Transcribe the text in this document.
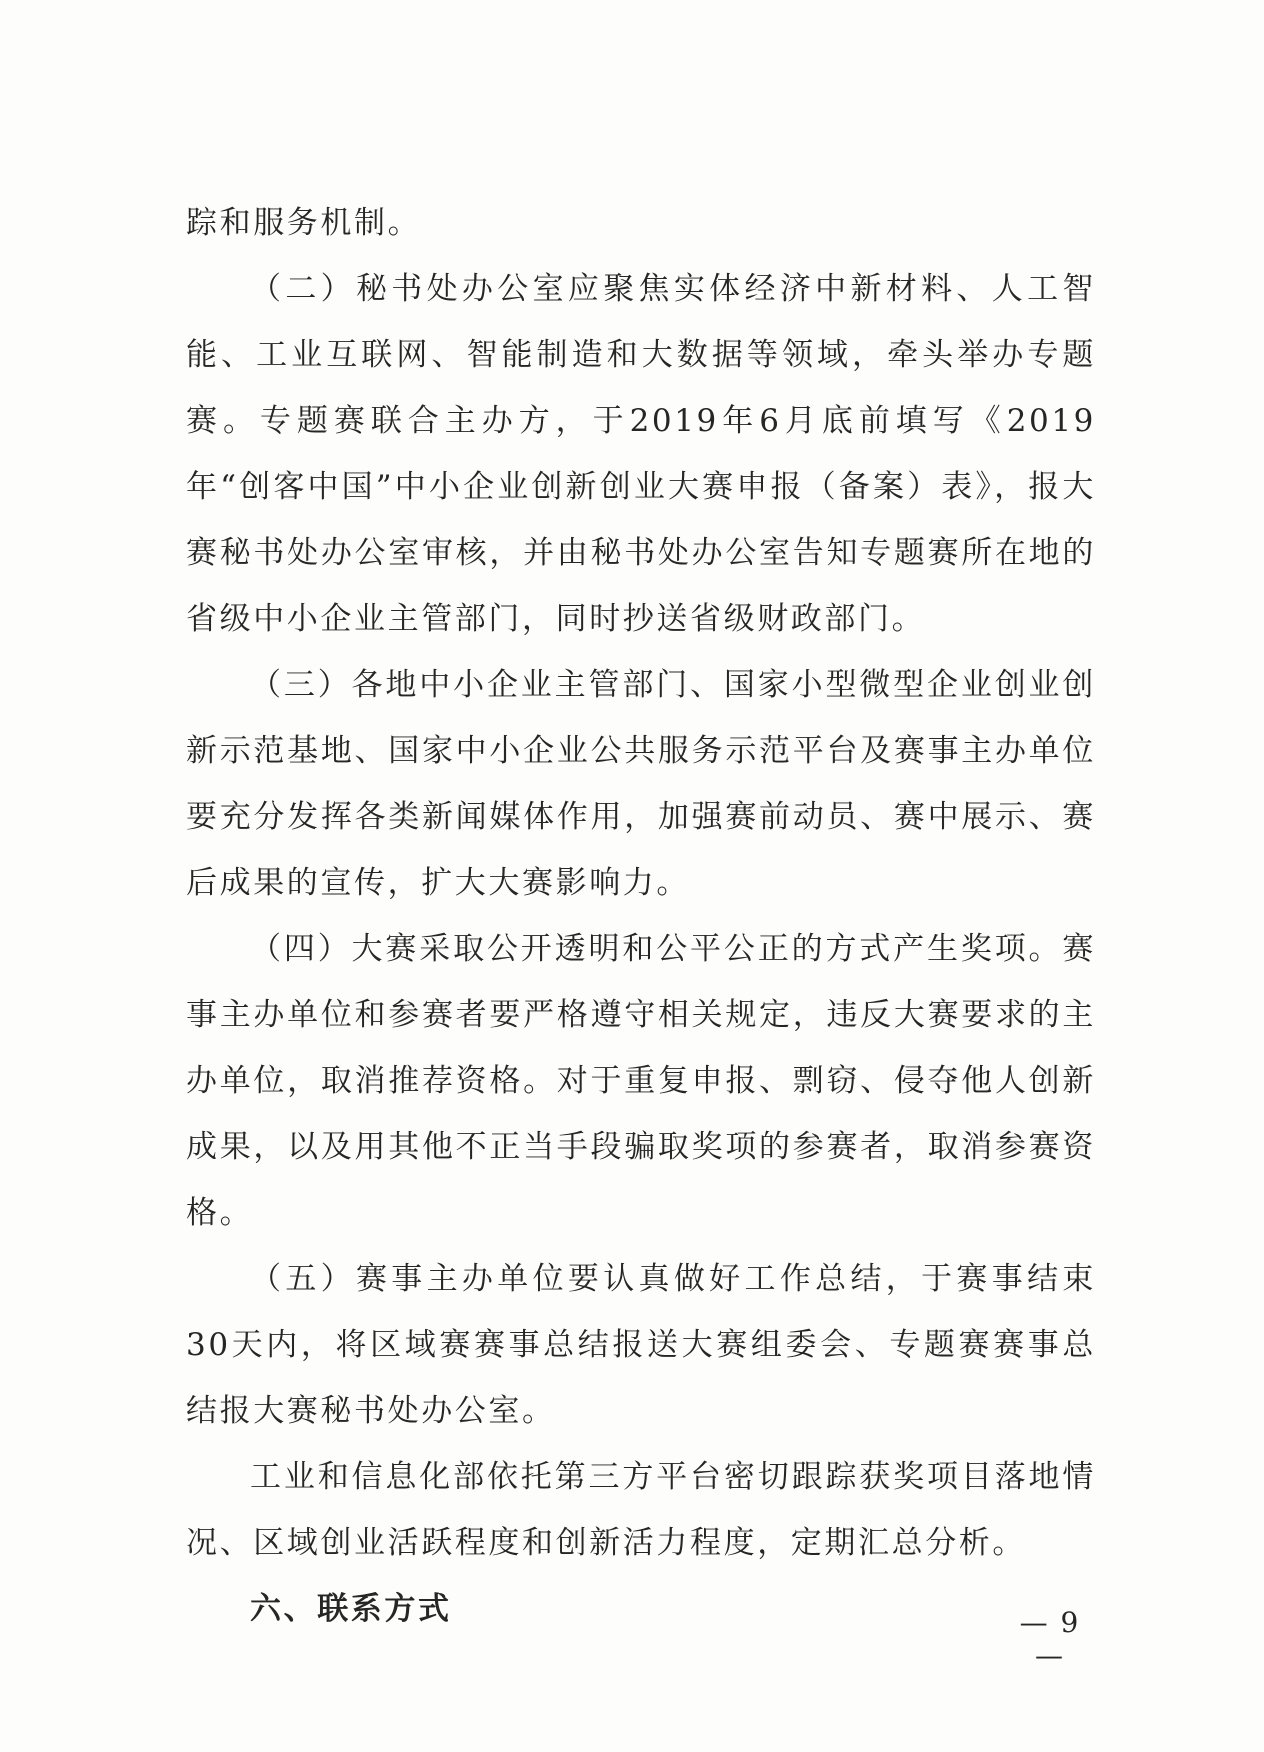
踪和服务机制。

（二）秘书处办公室应聚焦实体经济中新材料、人工智能、工业互联网、智能制造和大数据等领域，牵头举办专题赛。专题赛联合主办方，于2019年6月底前填写《2019年“创客中国”中小企业创新创业大赛申报（备案）表》，报大赛秘书处办公室审核，并由秘书处办公室告知专题赛所在地的省级中小企业主管部门，同时抄送省级财政部门。

（三）各地中小企业主管部门、国家小型微型企业创业创新示范基地、国家中小企业公共服务示范平台及赛事主办单位要充分发挥各类新闻媒体作用，加强赛前动员、赛中展示、赛后成果的宣传，扩大大赛影响力。

（四）大赛采取公开透明和公平公正的方式产生奖项。赛事主办单位和参赛者要严格遵守相关规定，违反大赛要求的主办单位，取消推荐资格。对于重复申报、剽窃、侵夺他人创新成果，以及用其他不正当手段骗取奖项的参赛者，取消参赛资格。

（五）赛事主办单位要认真做好工作总结，于赛事结束30天内，将区域赛赛事总结报送大赛组委会、专题赛赛事总结报大赛秘书处办公室。

工业和信息化部依托第三方平台密切跟踪获奖项目落地情况、区域创业活跃程度和创新活力程度，定期汇总分析。

六、联系方式	— 9 —
